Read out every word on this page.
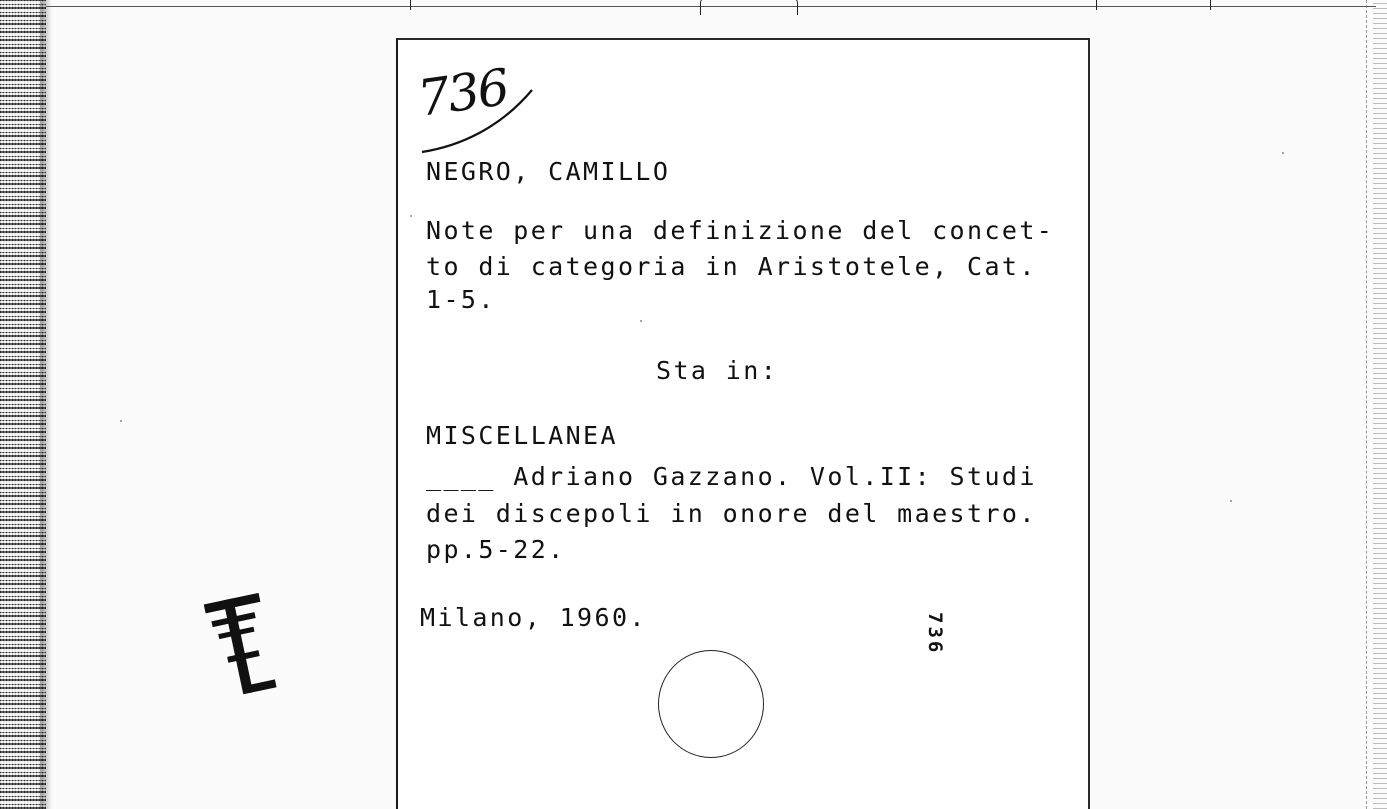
736
NEGRO, CAMILLO
Note per una definizione del concet-
to di categoria in Aristotele, Cat.
1-5.
Sta in:
MISCELLANEA
____ Adriano Gazzano. Vol.II: Studi
dei discepoli in onore del maestro.
pp.5-22.
Milano, 1960.	736
